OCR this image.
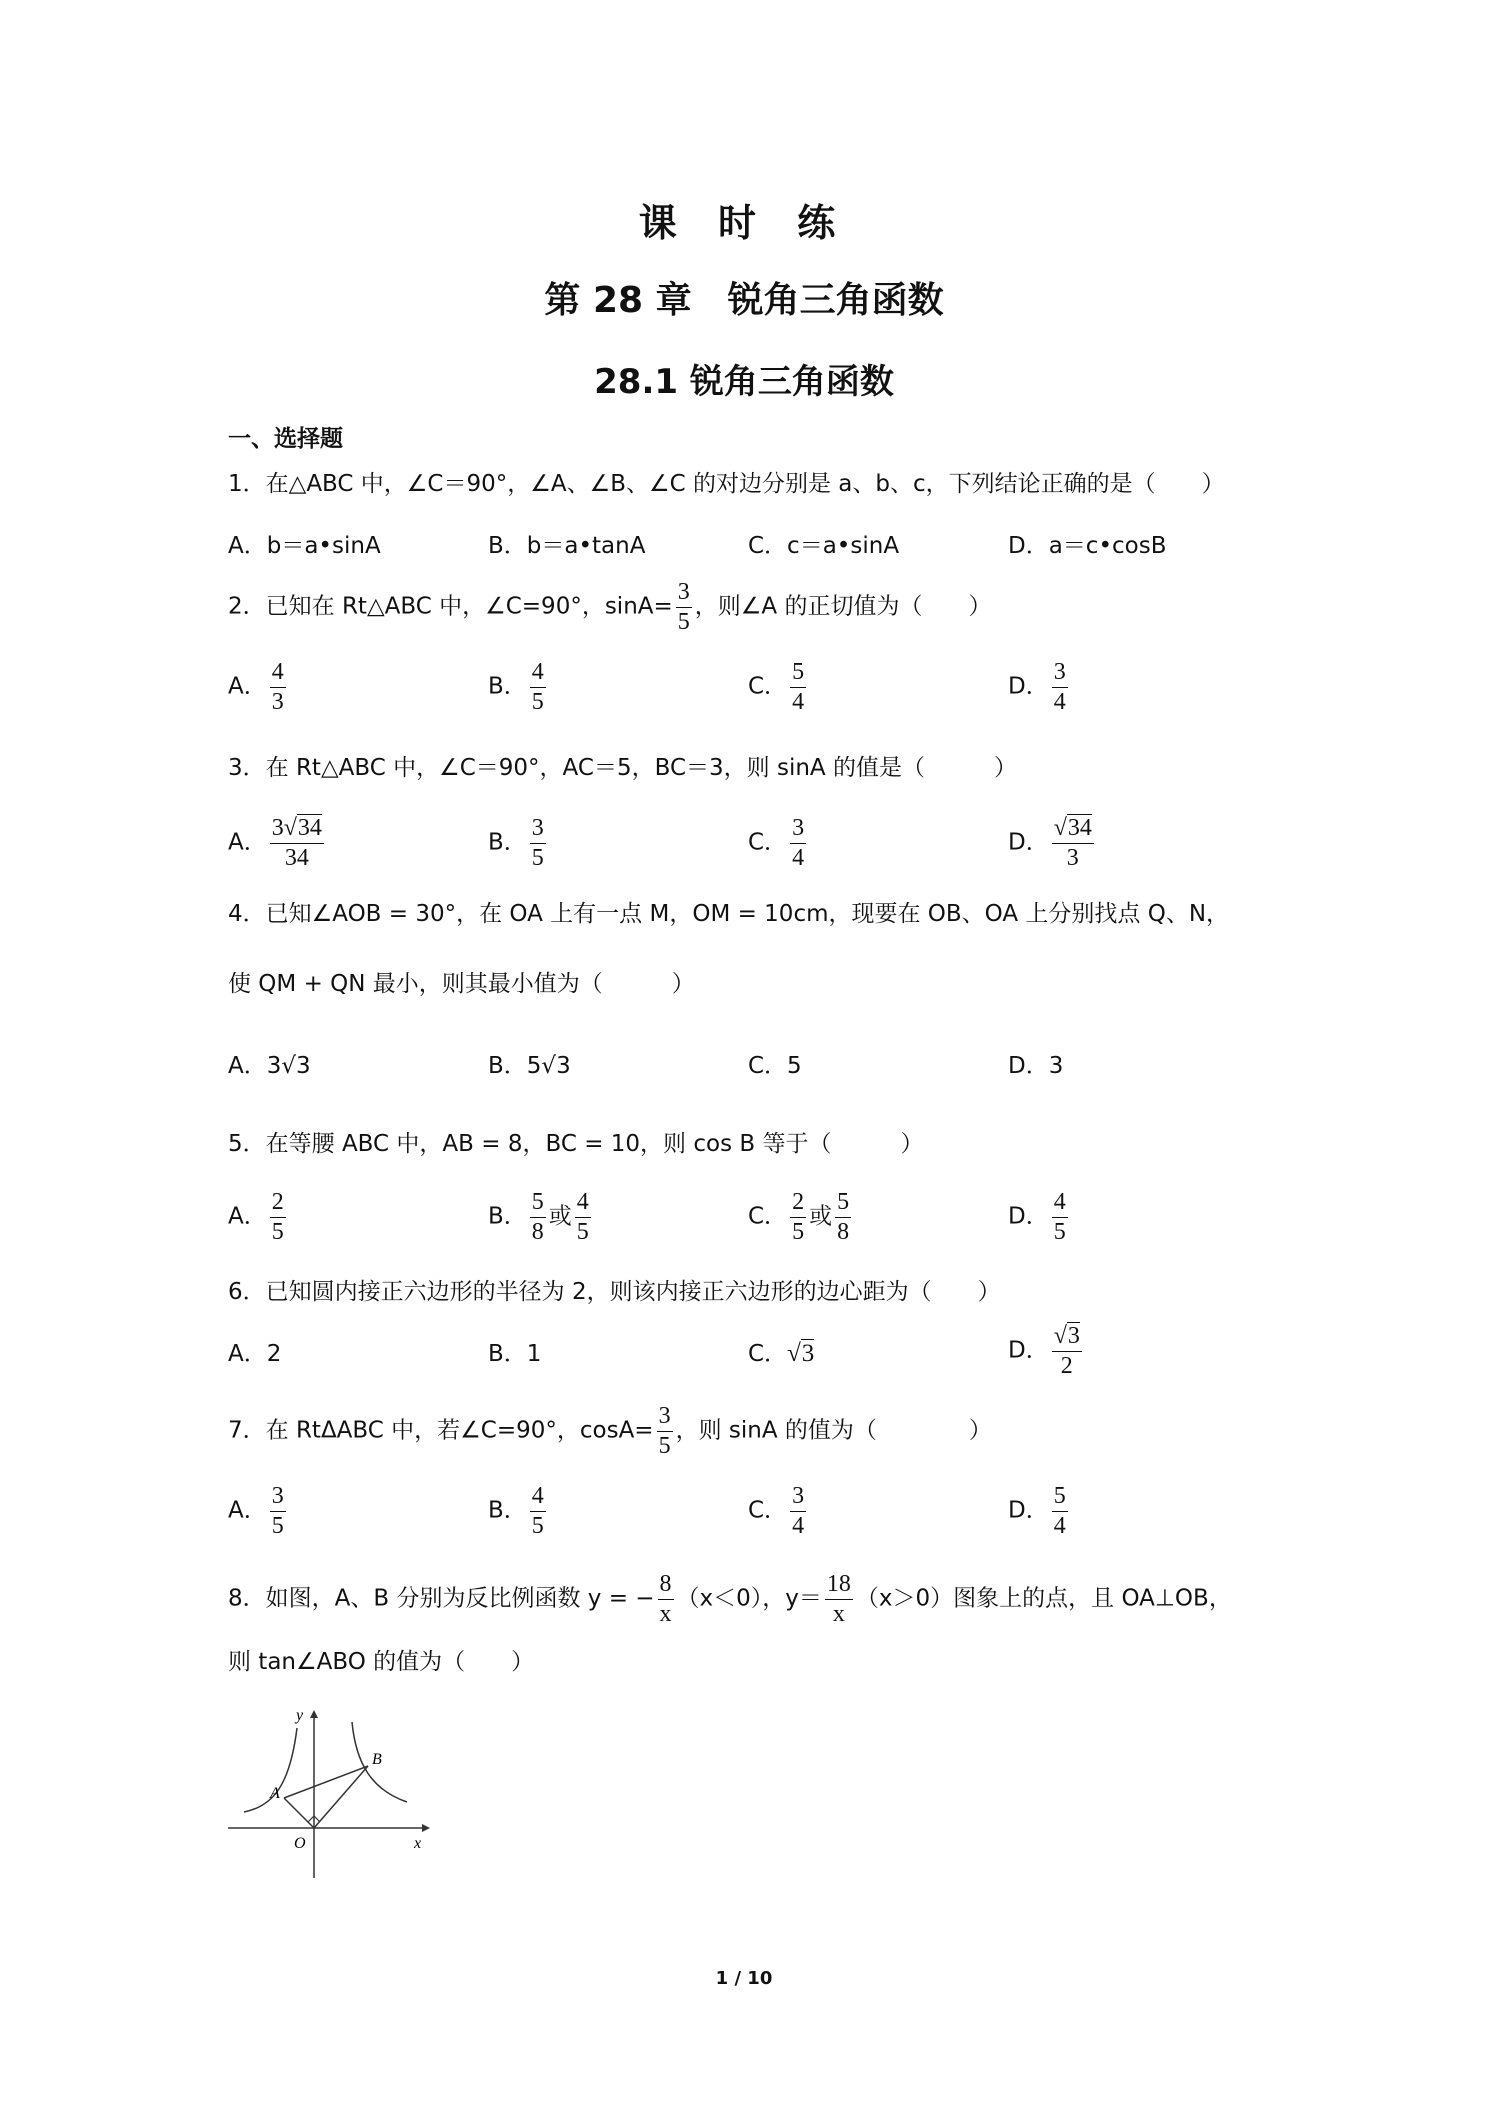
课 时 练
第 28 章　锐角三角函数
28.1 锐角三角函数
一、选择题
1．在△ABC 中，∠C＝90°，∠A、∠B、∠C 的对边分别是 a、b、c，下列结论正确的是（　　）
A．b＝a•sinA	B．b＝a•tanA	C．c＝a•sinA	D．a＝c•cosB
2．已知在 Rt△ABC 中，∠C=90°，$\sin A= \frac{3}{5}$ ，则∠A 的正切值为（　　）
A． $\frac{4}{3}$	B． $\frac{4}{5}$	C． $\frac{5}{4}$	D． $\frac{3}{4}$
3．在 Rt△ABC 中，∠C＝90°，AC＝5，BC＝3，则 sinA 的值是（　　　）
A． $\frac{3√34}{34}$	B． $\frac{3}{5}$	C． $\frac{3}{4}$	D． $\frac{√34}{3}$
4．已知∠AOB = 30°，在 OA 上有一点 M，OM = 10cm，现要在 OB、OA 上分别找点 Q、N，
使 QM + QN 最小，则其最小值为（　　　）
A．3√3	B．5√3	C．5	D．3
5．在等腰 ABC 中，AB = 8，BC = 10，则 cos B 等于（　　　）
A． $\frac{2}{5}$	B． $\frac{5}{8}$ 或 $\frac{4}{5}$	C． $\frac{2}{5}$ 或 $\frac{5}{8}$	D． $\frac{4}{5}$
6．已知圆内接正六边形的半径为 2，则该内接正六边形的边心距为（　　）
A．2	B．1	C．√3	D． $\frac{√3}{2}$
7．在 RtΔABC 中，若∠C=90°，$\cos A= \frac{3}{5}$ ，则 sinA 的值为（　　　　）
A． $\frac{3}{5}$	B． $\frac{4}{5}$	C． $\frac{3}{4}$	D． $\frac{5}{4}$
8．如图，A、B 分别为反比例函数 y = − $\frac{8}{x} (x<0)$，$y= \frac{18}{x} (x>0)$图象上的点，且 OA⊥OB，
则 tan∠ABO 的值为（　　）
y
A
B
O	x
1 / 10
